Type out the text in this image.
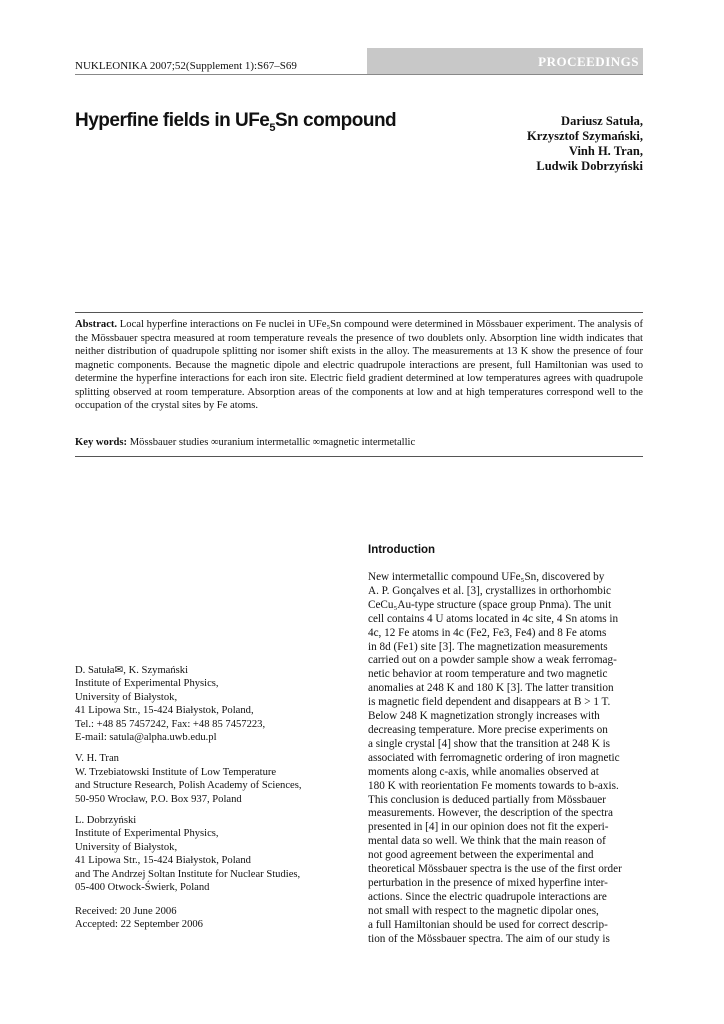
NUKLEONIKA 2007;52(Supplement 1):S67–S69	PROCEEDINGS
Hyperfine fields in UFe$_5$Sn compound	Dariusz Satuła,
Krzysztof Szymański,
Vinh H. Tran,
Ludwik Dobrzyński
Abstract. Local hyperfine interactions on Fe nuclei in UFe₅Sn compound were determined in Mössbauer experiment. The analysis of the Mössbauer spectra measured at room temperature reveals the presence of two doublets only. Absorption line width indicates that neither distribution of quadrupole splitting nor isomer shift exists in the alloy. The measurements at 13 K show the presence of four magnetic components. Because the magnetic dipole and electric quadrupole interactions are present, full Hamiltonian was used to determine the hyperfine interactions for each iron site. Electric field gradient determined at low temperatures agrees with quadrupole splitting observed at room temperature. Absorption areas of the components at low and at high temperatures correspond well to the occupation of the crystal sites by Fe atoms.
Key words: Mössbauer studies ∞uranium intermetallic ∞magnetic intermetallic

D. Satuła✉, K. Szymański
Institute of Experimental Physics,
University of Białystok,
41 Lipowa Str., 15-424 Białystok, Poland,
Tel.: +48 85 7457242, Fax: +48 85 7457223,
E-mail: satula@alpha.uwb.edu.pl

V. H. Tran
W. Trzebiatowski Institute of Low Temperature
and Structure Research, Polish Academy of Sciences,
50-950 Wrocław, P.O. Box 937, Poland

L. Dobrzyński
Institute of Experimental Physics,
University of Białystok,
41 Lipowa Str., 15-424 Białystok, Poland
and The Andrzej Soltan Institute for Nuclear Studies,
05-400 Otwock-Świerk, Poland

Received: 20 June 2006
Accepted: 22 September 2006
Introduction
New intermetallic compound UFe₅Sn, discovered by
A. P. Gonçalves et al. [3], crystallizes in orthorhombic
CeCu₅Au-type structure (space group Pnma). The unit
cell contains 4 U atoms located in 4c site, 4 Sn atoms in
4c, 12 Fe atoms in 4c (Fe2, Fe3, Fe4) and 8 Fe atoms
in 8d (Fe1) site [3]. The magnetization measurements
carried out on a powder sample show a weak ferromag-
netic behavior at room temperature and two magnetic
anomalies at 248 K and 180 K [3]. The latter transition
is magnetic field dependent and disappears at B > 1 T.
Below 248 K magnetization strongly increases with
decreasing temperature. More precise experiments on
a single crystal [4] show that the transition at 248 K is
associated with ferromagnetic ordering of iron magnetic
moments along c-axis, while anomalies observed at
180 K with reorientation Fe moments towards to b-axis.
This conclusion is deduced partially from Mössbauer
measurements. However, the description of the spectra
presented in [4] in our opinion does not fit the experi-
mental data so well. We think that the main reason of
not good agreement between the experimental and
theoretical Mössbauer spectra is the use of the first order
perturbation in the presence of mixed hyperfine inter-
actions. Since the electric quadrupole interactions are
not small with respect to the magnetic dipolar ones,
a full Hamiltonian should be used for correct descrip-
tion of the Mössbauer spectra. The aim of our study is
